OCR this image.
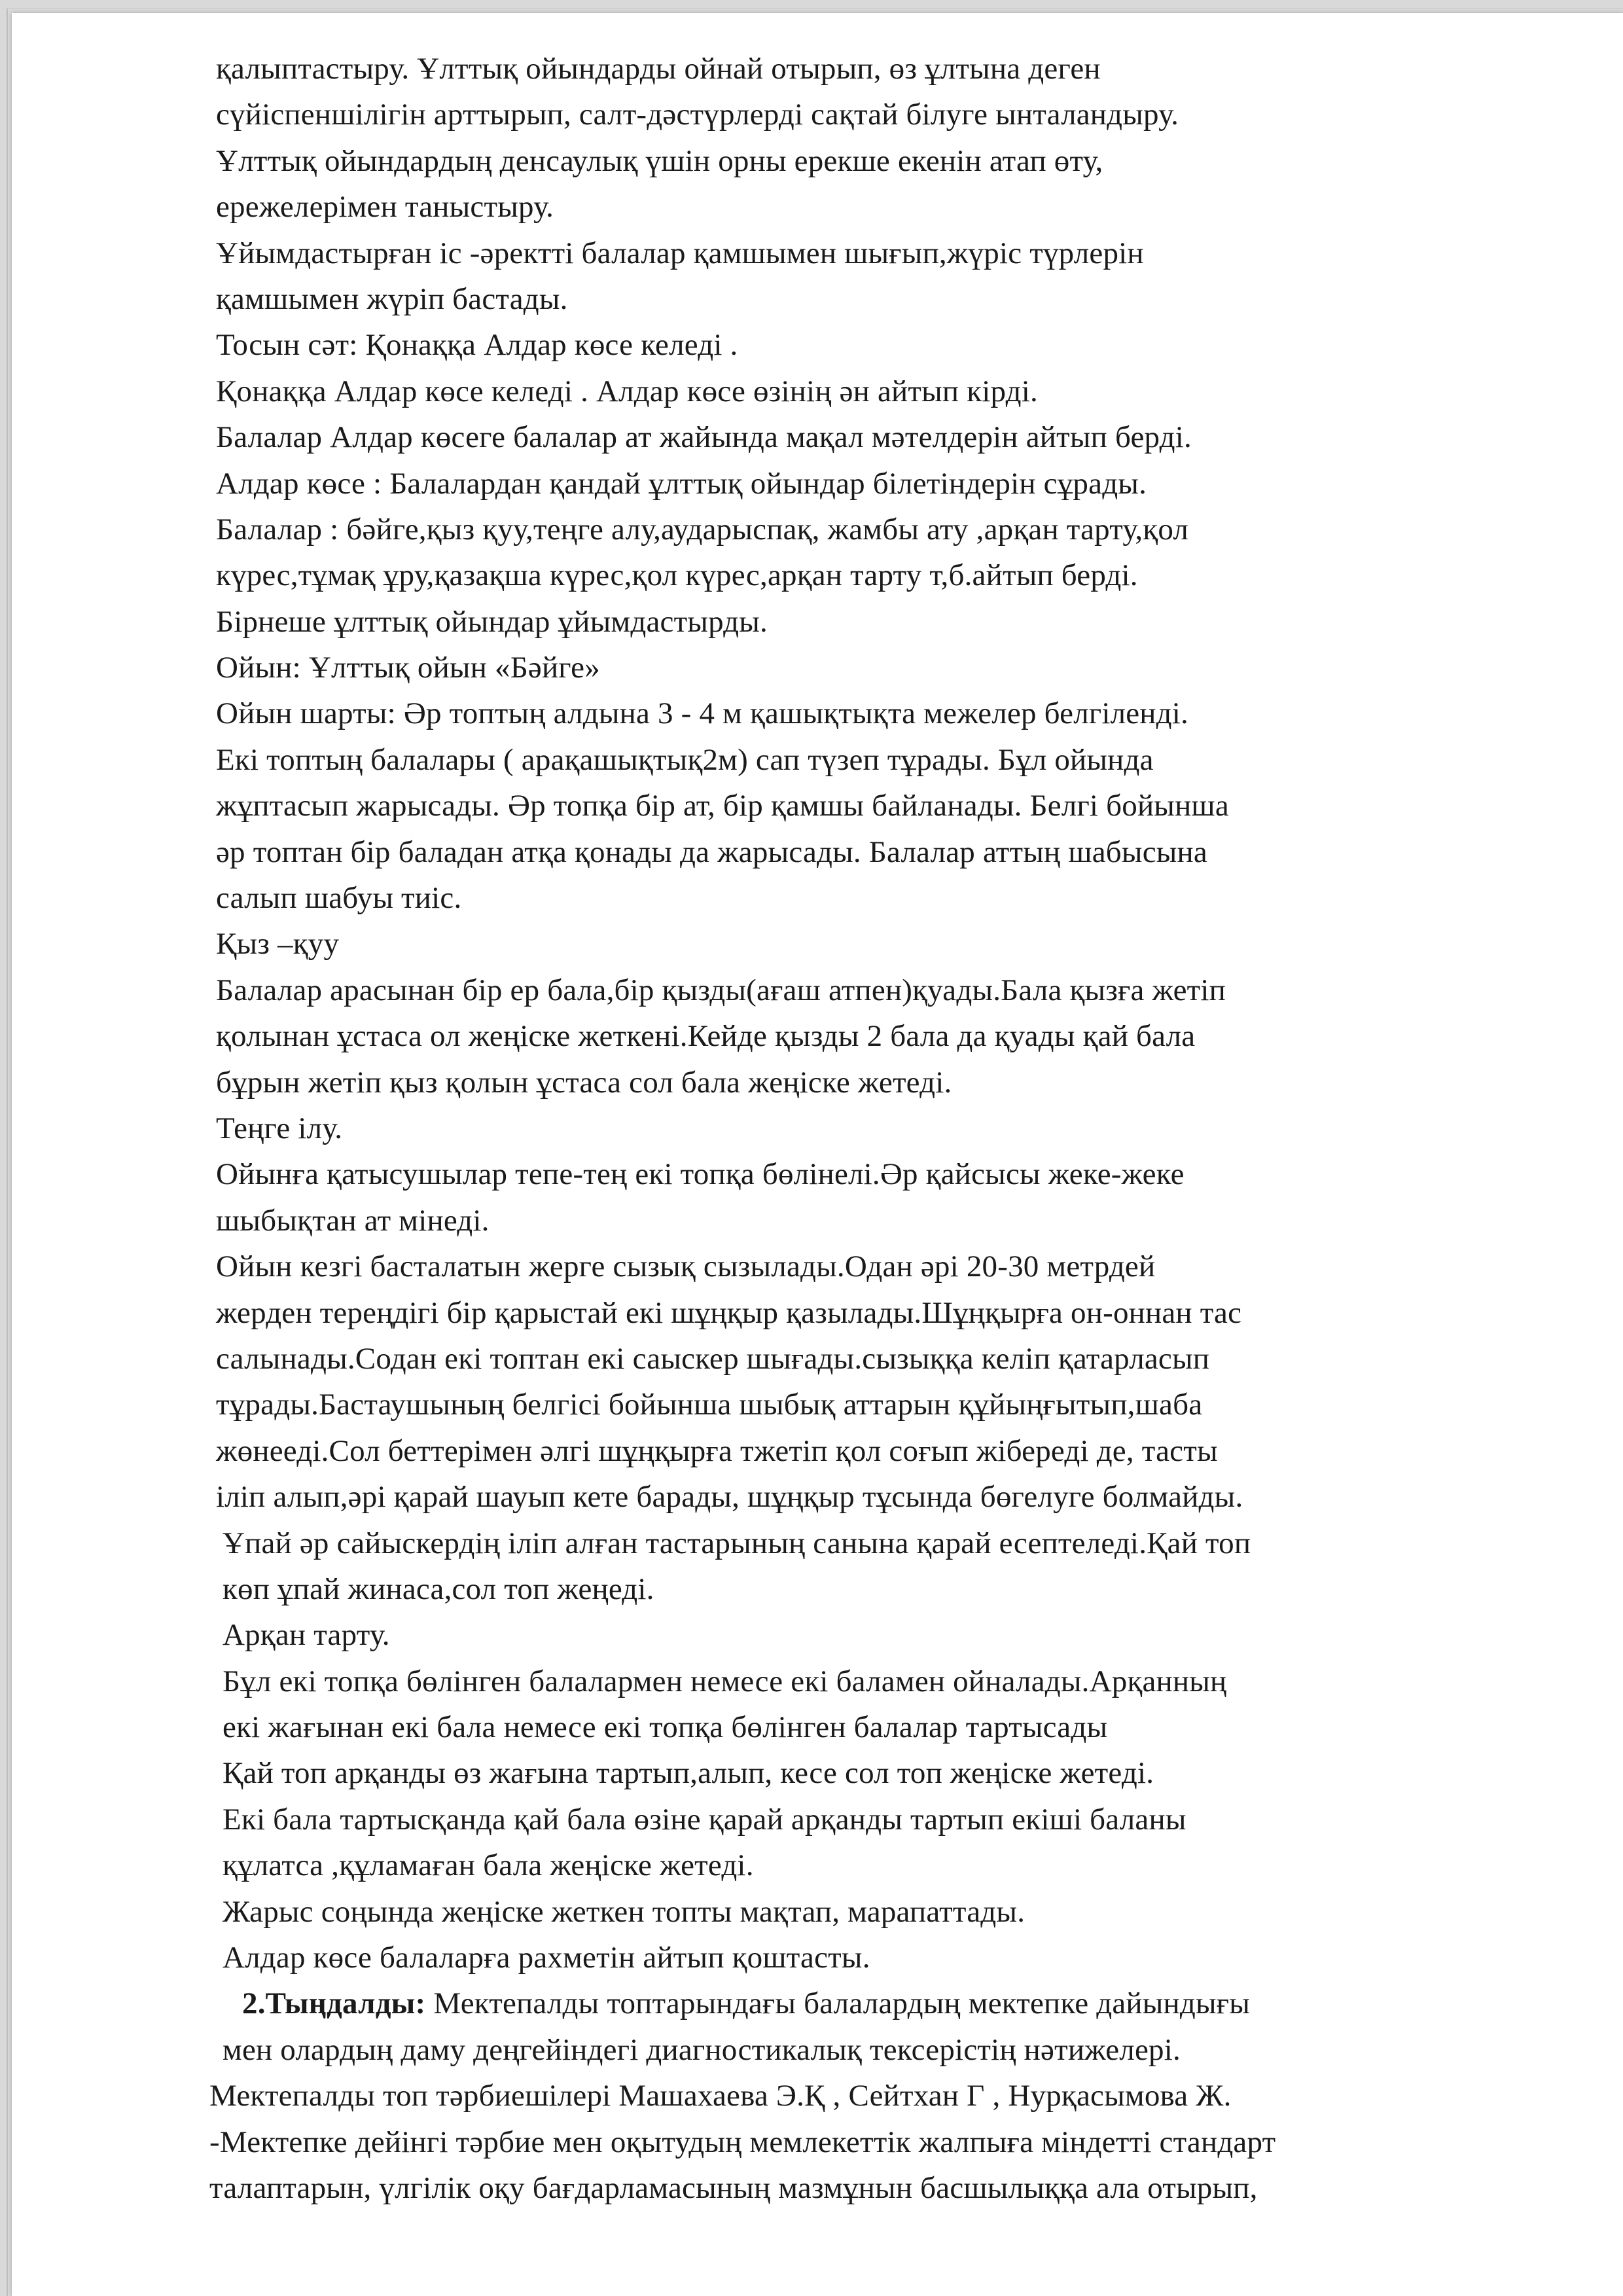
қалыптастыру. Ұлттық ойындарды ойнай отырып, өз ұлтына деген
сүйіспеншілігін арттырып, салт-дәстүрлерді сақтай білуге ынталандыру.
Ұлттық ойындардың денсаулық үшін орны ерекше екенін атап өту,
ережелерімен таныстыру.
Ұйымдастырған іс -әректті балалар қамшымен шығып,жүріс түрлерін
қамшымен жүріп бастады.
Тосын сәт: Қонаққа Алдар көсе келеді .
Қонаққа Алдар көсе келеді . Алдар көсе өзінің ән айтып кірді.
Балалар Алдар көсеге балалар ат жайында мақал мәтелдерін айтып берді.
Алдар көсе : Балалардан қандай ұлттық ойындар білетіндерін сұрады.
Балалар : бәйге,қыз қуу,теңге алу,аударыспақ, жамбы ату ,арқан тарту,қол
күрес,тұмақ ұру,қазақша күрес,қол күрес,арқан тарту т,б.айтып берді.
Бірнеше ұлттық ойындар ұйымдастырды.
Ойын: Ұлттық ойын «Бәйге»
Ойын шарты: Әр топтың алдына 3 - 4 м қашықтықта межелер белгіленді.
Екі топтың балалары ( арақашықтық2м) сап түзеп тұрады. Бұл ойында
жұптасып жарысады. Әр топқа бір ат, бір қамшы байланады. Белгі бойынша
әр топтан бір баладан атқа қонады да жарысады. Балалар аттың шабысына
салып шабуы тиіс.
Қыз –қуу
Балалар арасынан бір ер бала,бір қызды(ағаш атпен)қуады.Бала қызға жетіп
қолынан ұстаса ол жеңіске жеткені.Кейде қызды 2 бала да қуады қай бала
бұрын жетіп қыз қолын ұстаса сол бала жеңіске жетеді.
Теңге ілу.
Ойынға қатысушылар тепе-тең екі топқа бөлінелі.Әр қайсысы жеке-жеке
шыбықтан ат мінеді.
Ойын кезгі басталатын жерге сызық сызылады.Одан әрі 20-30 метрдей
жерден тереңдігі бір қарыстай екі шұңқыр қазылады.Шұңқырға он-оннан тас
салынады.Содан екі топтан екі саыскер шығады.сызыққа келіп қатарласып
тұрады.Бастаушының белгісі бойынша шыбық аттарын құйыңғытып,шаба
жөнееді.Сол беттерімен әлгі шұңқырға тжетіп қол соғып жібереді де, тасты
іліп алып,әрі қарай шауып кете барады, шұңқыр тұсында бөгелуге болмайды.
Ұпай әр сайыскердің іліп алған тастарының санына қарай есептеледі.Қай топ
көп ұпай жинаса,сол топ жеңеді.
Арқан тарту.
Бұл екі топқа бөлінген балалармен немесе екі баламен ойналады.Арқанның
екі жағынан екі бала немесе екі топқа бөлінген балалар тартысады
Қай топ арқанды өз жағына тартып,алып, кесе сол топ жеңіске жетеді.
Екі бала тартысқанда қай бала өзіне қарай арқанды тартып екіші баланы
құлатса ,құламаған бала жеңіске жетеді.
Жарыс соңында жеңіске жеткен топты мақтап, марапаттады.
Алдар көсе балаларға рахметін айтып қоштасты.
2.Тыңдалды: Мектепалды топтарындағы балалардың мектепке дайындығы
мен олардың даму деңгейіндегі диагностикалық тексерістің нәтижелері.
Мектепалды топ тәрбиешілері Машахаева Э.Қ , Сейтхан Г , Нурқасымова Ж.
-Мектепке дейінгі тәрбие мен оқытудың мемлекеттік жалпыға міндетті стандарт
талаптарын, үлгілік оқу бағдарламасының мазмұнын басшылыққа ала отырып,
